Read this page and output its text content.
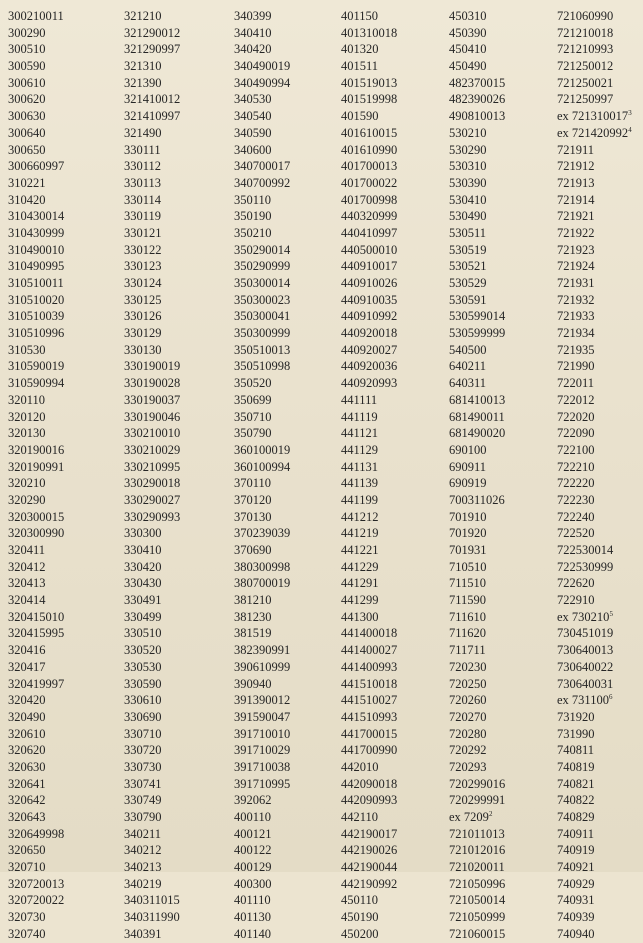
300210011
300290
300510
300590
300610
300620
300630
300640
300650
300660997
310221
310420
310430014
310430999
310490010
310490995
310510011
310510020
310510039
310510996
310530
310590019
310590994
320110
320120
320130
320190016
320190991
320210
320290
320300015
320300990
320411
320412
320413
320414
320415010
320415995
320416
320417
320419997
320420
320490
320610
320620
320630
320641
320642
320643
320649998
320650
320710
320720013
320720022
320730
320740
321210
321290012
321290997
321310
321390
321410012
321410997
321490
330111
330112
330113
330114
330119
330121
330122
330123
330124
330125
330126
330129
330130
330190019
330190028
330190037
330190046
330210010
330210029
330210995
330290018
330290027
330290993
330300
330410
330420
330430
330491
330499
330510
330520
330530
330590
330610
330690
330710
330720
330730
330741
330749
330790
340211
340212
340213
340219
340311015
340311990
340391
340399
340410
340420
340490019
340490994
340530
340540
340590
340600
340700017
340700992
350110
350190
350210
350290014
350290999
350300014
350300023
350300041
350300999
350510013
350510998
350520
350699
350710
350790
360100019
360100994
370110
370120
370130
370239039
370690
380300998
380700019
381210
381230
381519
382390991
390610999
390940
391390012
391590047
391710010
391710029
391710038
391710995
392062
400110
400121
400122
400129
400300
401110
401130
401140
401150
401310018
401320
401511
401519013
401519998
401590
401610015
401610990
401700013
401700022
401700998
440320999
440410997
440500010
440910017
440910026
440910035
440910992
440920018
440920027
440920036
440920993
441111
441119
441121
441129
441131
441139
441199
441212
441219
441221
441229
441291
441299
441300
441400018
441400027
441400993
441510018
441510027
441510993
441700015
441700990
442010
442090018
442090993
442110
442190017
442190026
442190044
442190992
450110
450190
450200
450310
450390
450410
450490
482370015
482390026
490810013
530210
530290
530310
530390
530410
530490
530511
530519
530521
530529
530591
530599014
530599999
540500
640211
640311
681410013
681490011
681490020
690100
690911
690919
700311026
701910
701920
701931
710510
711510
711590
711610
711620
711711
720230
720250
720260
720270
720280
720292
720293
720299016
720299991
ex 7209$^2$
721011013
721012016
721020011
721050996
721050014
721050999
721060015
721060990
721210018
721210993
721250012
721250021
721250997
ex 721310017$^3$
ex 721420992$^4$
721911
721912
721913
721914
721921
721922
721923
721924
721931
721932
721933
721934
721935
721990
722011
722012
722020
722090
722100
722210
722220
722230
722240
722520
722530014
722530999
722620
722910
ex 730210$^5$
730451019
730640013
730640022
730640031
ex 731100$^6$
731920
731990
740811
740819
740821
740822
740829
740911
740919
740921
740929
740931
740939
740940
